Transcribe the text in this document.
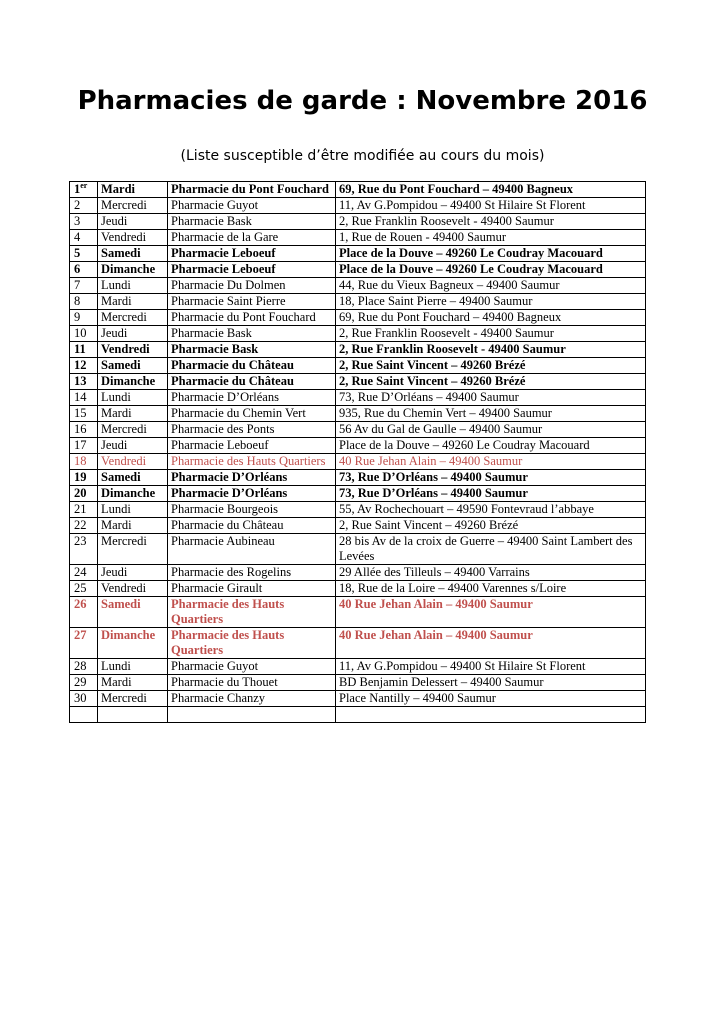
Pharmacies de garde : Novembre 2016

(Liste susceptible d’être modifiée au cours du mois)

1er	Mardi	Pharmacie du Pont Fouchard	69, Rue du Pont Fouchard – 49400 Bagneux
2	Mercredi	Pharmacie Guyot	11, Av G.Pompidou – 49400 St Hilaire St Florent
3	Jeudi	Pharmacie Bask	2, Rue Franklin Roosevelt - 49400 Saumur
4	Vendredi	Pharmacie de la Gare	1, Rue de Rouen - 49400 Saumur
5	Samedi	Pharmacie Leboeuf	Place de la Douve – 49260 Le Coudray Macouard
6	Dimanche	Pharmacie Leboeuf	Place de la Douve – 49260 Le Coudray Macouard
7	Lundi	Pharmacie Du Dolmen	44, Rue du Vieux Bagneux – 49400 Saumur
8	Mardi	Pharmacie Saint Pierre	18, Place Saint Pierre – 49400 Saumur
9	Mercredi	Pharmacie du Pont Fouchard	69, Rue du Pont Fouchard – 49400 Bagneux
10	Jeudi	Pharmacie Bask	2, Rue Franklin Roosevelt - 49400 Saumur
11	Vendredi	Pharmacie Bask	2, Rue Franklin Roosevelt - 49400 Saumur
12	Samedi	Pharmacie du Château	2, Rue Saint Vincent – 49260 Brézé
13	Dimanche	Pharmacie du Château	2, Rue Saint Vincent – 49260 Brézé
14	Lundi	Pharmacie D’Orléans	73, Rue D’Orléans – 49400 Saumur
15	Mardi	Pharmacie du Chemin Vert	935, Rue du Chemin Vert – 49400 Saumur
16	Mercredi	Pharmacie des Ponts	56 Av du Gal de Gaulle – 49400 Saumur
17	Jeudi	Pharmacie Leboeuf	Place de la Douve – 49260 Le Coudray Macouard
18	Vendredi	Pharmacie des Hauts Quartiers	40 Rue Jehan Alain – 49400 Saumur
19	Samedi	Pharmacie D’Orléans	73, Rue D’Orléans – 49400 Saumur
20	Dimanche	Pharmacie D’Orléans	73, Rue D’Orléans – 49400 Saumur
21	Lundi	Pharmacie Bourgeois	55, Av Rochechouart – 49590 Fontevraud l’abbaye
22	Mardi	Pharmacie du Château	2, Rue Saint Vincent – 49260 Brézé
23	Mercredi	Pharmacie Aubineau	28 bis Av de la croix de Guerre – 49400 Saint Lambert des Levées
24	Jeudi	Pharmacie des Rogelins	29 Allée des Tilleuls – 49400 Varrains
25	Vendredi	Pharmacie Girault	18, Rue de la Loire – 49400 Varennes s/Loire
26	Samedi	Pharmacie des Hauts Quartiers	40 Rue Jehan Alain – 49400 Saumur
27	Dimanche	Pharmacie des Hauts Quartiers	40 Rue Jehan Alain – 49400 Saumur
28	Lundi	Pharmacie Guyot	11, Av G.Pompidou – 49400 St Hilaire St Florent
29	Mardi	Pharmacie du Thouet	BD Benjamin Delessert – 49400 Saumur
30	Mercredi	Pharmacie Chanzy	Place Nantilly – 49400 Saumur
